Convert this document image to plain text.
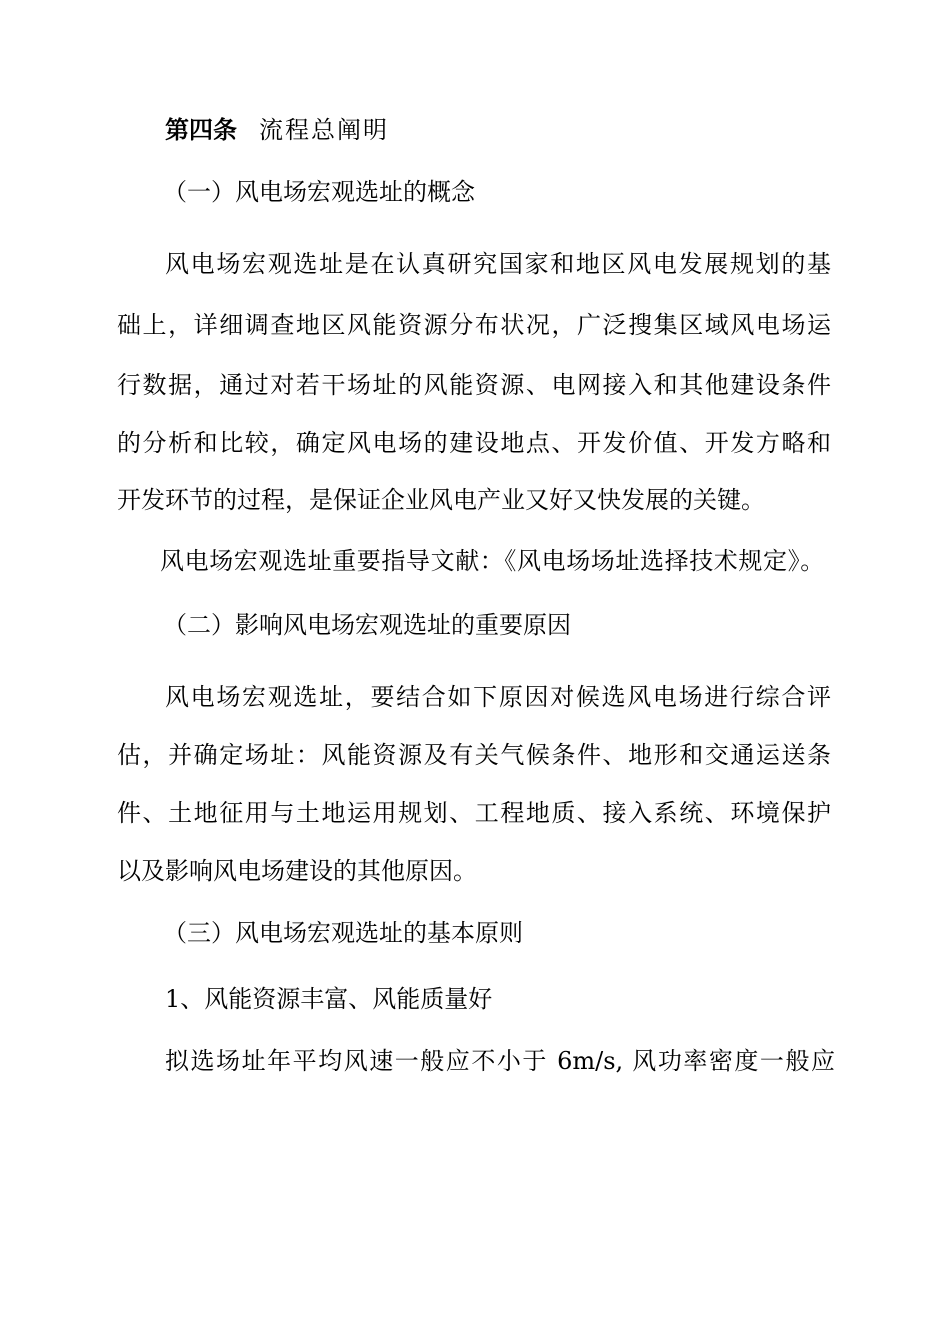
第四条 流程总阐明
（一）风电场宏观选址的概念
风电场宏观选址是在认真研究国家和地区风电发展规划的基
础上，详细调查地区风能资源分布状况，广泛搜集区域风电场运
行数据，通过对若干场址的风能资源、电网接入和其他建设条件
的分析和比较，确定风电场的建设地点、开发价值、开发方略和
开发环节的过程，是保证企业风电产业又好又快发展的关键。
风电场宏观选址重要指导文献：《风电场场址选择技术规定》。
（二）影响风电场宏观选址的重要原因
风电场宏观选址，要结合如下原因对候选风电场进行综合评
估，并确定场址：风能资源及有关气候条件、地形和交通运送条
件、土地征用与土地运用规划、工程地质、接入系统、环境保护
以及影响风电场建设的其他原因。
（三）风电场宏观选址的基本原则
1、风能资源丰富、风能质量好
拟选场址年平均风速一般应不小于 6m/s, 风功率密度一般应
